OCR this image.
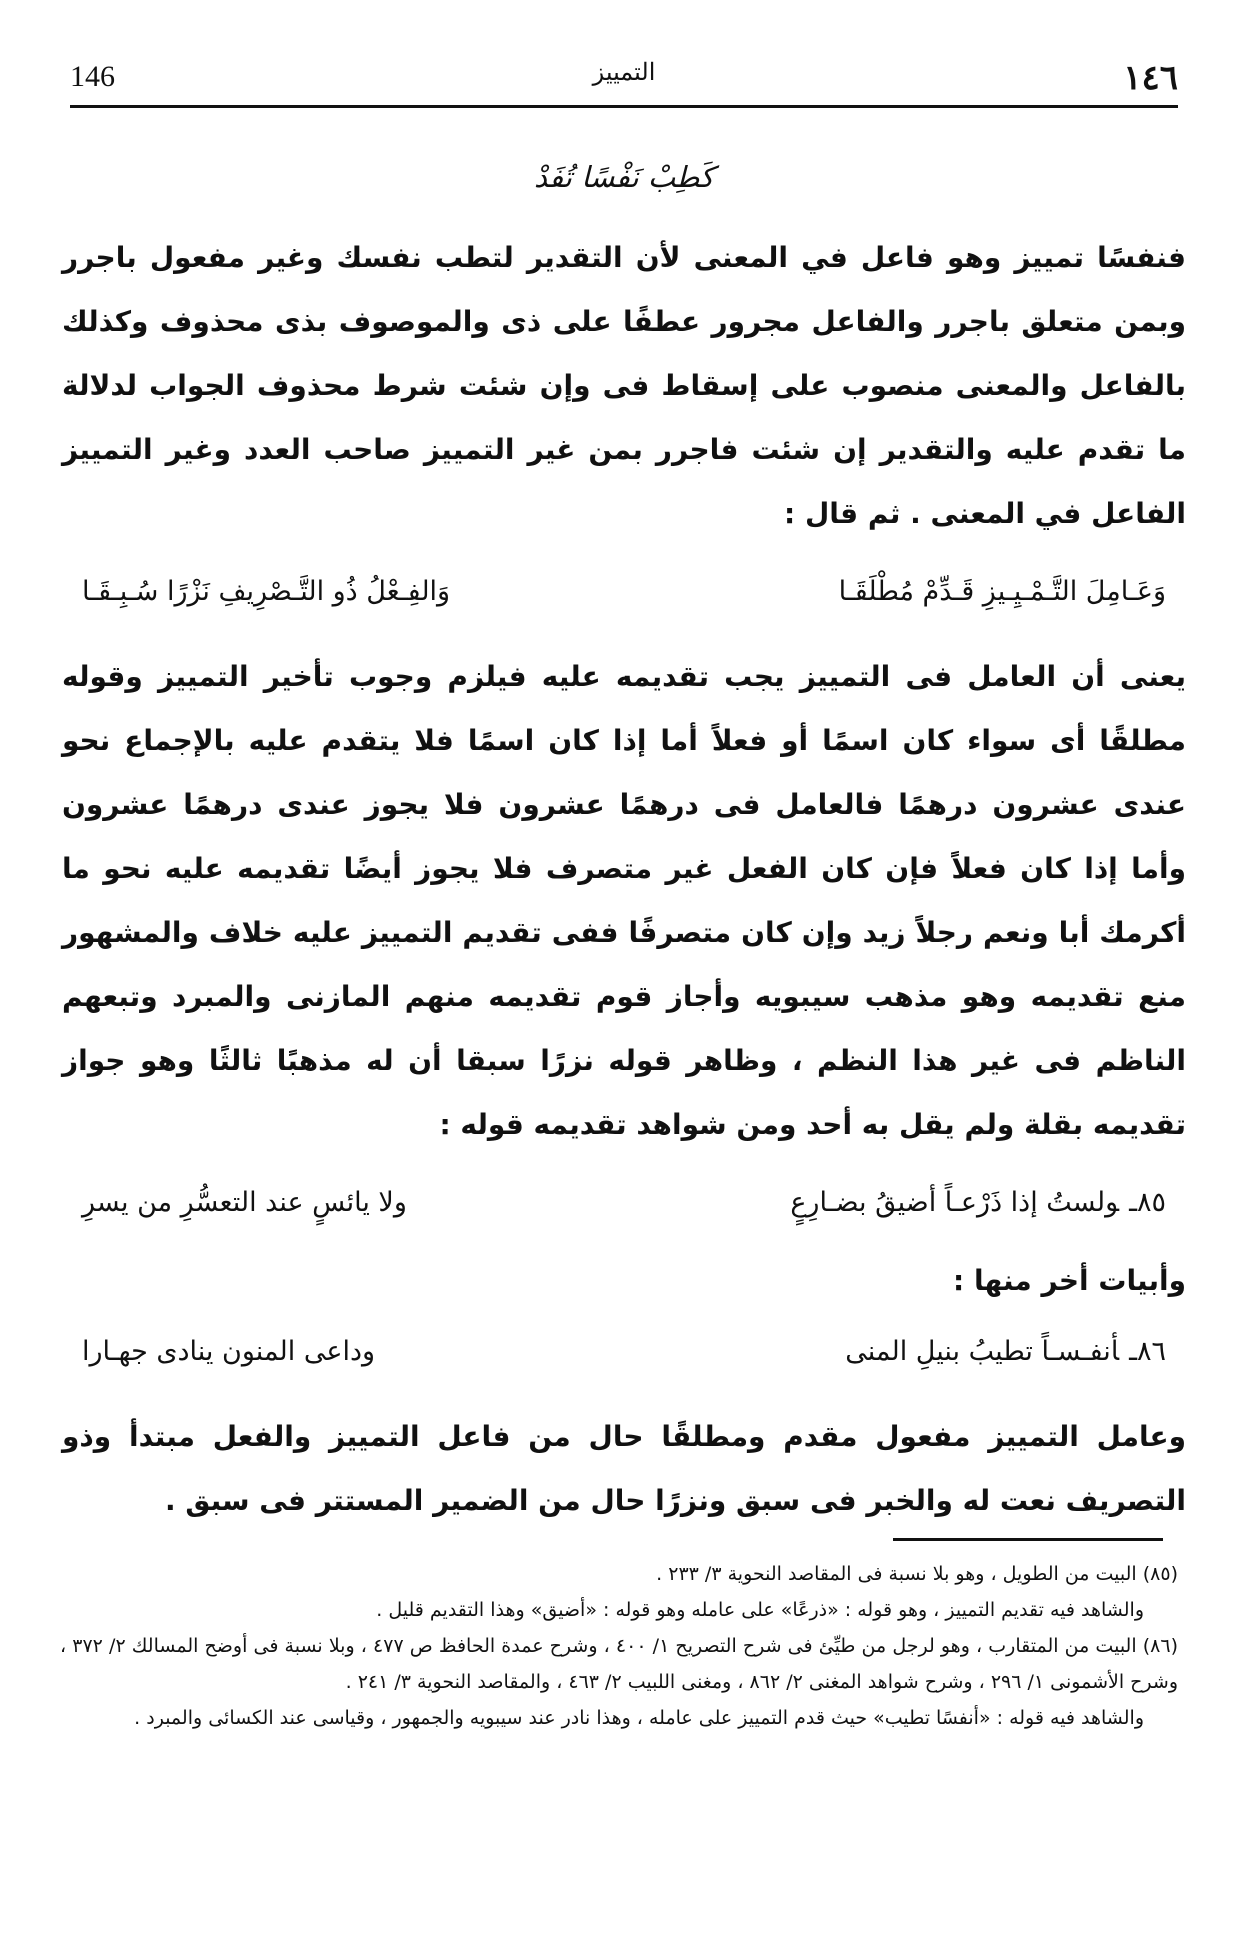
146	التمييز	١٤٦
كَطِبْ نَفْسًا تُفَدْ

فنفسًا تمييز وهو فاعل في المعنى لأن التقدير لتطب نفسك وغير مفعول باجرر وبمن متعلق باجرر والفاعل مجرور عطفًا على ذى والموصوف بذى محذوف وكذلك بالفاعل والمعنى منصوب على إسقاط فى وإن شئت شرط محذوف الجواب لدلالة ما تقدم عليه والتقدير إن شئت فاجرر بمن غير التمييز صاحب العدد وغير التمييز الفاعل في المعنى . ثم قال :

وَعَـامِلَ التَّـمْـيِـيزِ قَـدِّمْ مُطْلَقَـا
وَالفِـعْلُ ذُو التَّـصْرِيفِ نَزْرًا سُـبِـقَـا

يعنى أن العامل فى التمييز يجب تقديمه عليه فيلزم وجوب تأخير التمييز وقوله مطلقًا أى سواء كان اسمًا أو فعلاً أما إذا كان اسمًا فلا يتقدم عليه بالإجماع نحو عندى عشرون درهمًا فالعامل فى درهمًا عشرون فلا يجوز عندى درهمًا عشرون وأما إذا كان فعلاً فإن كان الفعل غير متصرف فلا يجوز أيضًا تقديمه عليه نحو ما أكرمك أبا ونعم رجلاً زيد وإن كان متصرفًا ففى تقديم التمييز عليه خلاف والمشهور منع تقديمه وهو مذهب سيبويه وأجاز قوم تقديمه منهم المازنى والمبرد وتبعهم الناظم فى غير هذا النظم ، وظاهر قوله نزرًا سبقا أن له مذهبًا ثالثًا وهو جواز تقديمه بقلة ولم يقل به أحد ومن شواهد تقديمه قوله :

٨٥ـولستُ إذا ذَرْعـاً أضيقُ بضـارِعٍ
ولا يائسٍ عند التعسُّرِ من يسرِ
وأبيات أخر منها :
٨٦ـأنفـسـاً تطيبُ بنيلِ المنى
وداعى المنون ينادى جهـارا

وعامل التمييز مفعول مقدم ومطلقًا حال من فاعل التمييز والفعل مبتدأ وذو التصريف نعت له والخبر فى سبق ونزرًا حال من الضمير المستتر فى سبق .

(٨٥) البيت من الطويل ، وهو بلا نسبة فى المقاصد النحوية ٣/ ٢٣٣ .

والشاهد فيه تقديم التمييز ، وهو قوله : «ذرعًا» على عامله وهو قوله : «أضيق» وهذا التقديم قليل .

(٨٦) البيت من المتقارب ، وهو لرجل من طيِّئ فى شرح التصريح ١/ ٤٠٠ ، وشرح عمدة الحافظ ص ٤٧٧ ، وبلا نسبة فى أوضح المسالك ٢/ ٣٧٢ ، وشرح الأشمونى ١/ ٢٩٦ ، وشرح شواهد المغنى ٢/ ٨٦٢ ، ومغنى اللبيب ٢/ ٤٦٣ ، والمقاصد النحوية ٣/ ٢٤١ .

والشاهد فيه قوله : «أنفسًا تطيب» حيث قدم التمييز على عامله ، وهذا نادر عند سيبويه والجمهور ، وقياسى عند الكسائى والمبرد .
